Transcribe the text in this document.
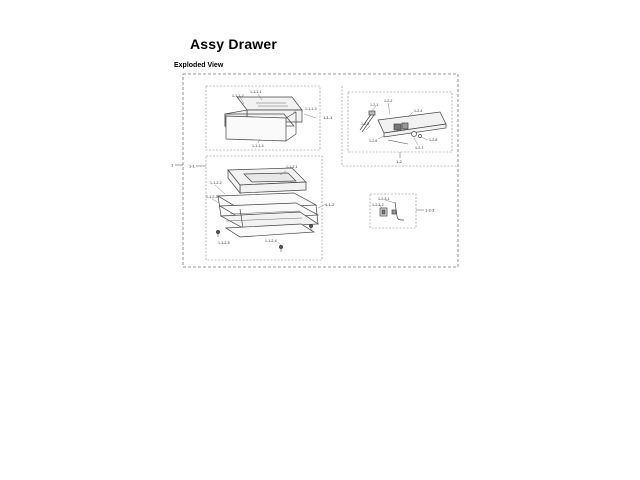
Assy Drawer
Exploded View
1
1-1-1-1
1-1-1-2
1-1-1-3
1-1-1-4
1-1-1
1-1-2-1
1-1-2-2
1-1-2-3
1-1-2-4
1-1-2-5
1-1-2
1-1
1-2-1
1-2-2
1-2-4
1-2-5
1-2-6
1-2-7
1-2-8
1-2
1-2-3-1
1-2-3-2
1-2-3
